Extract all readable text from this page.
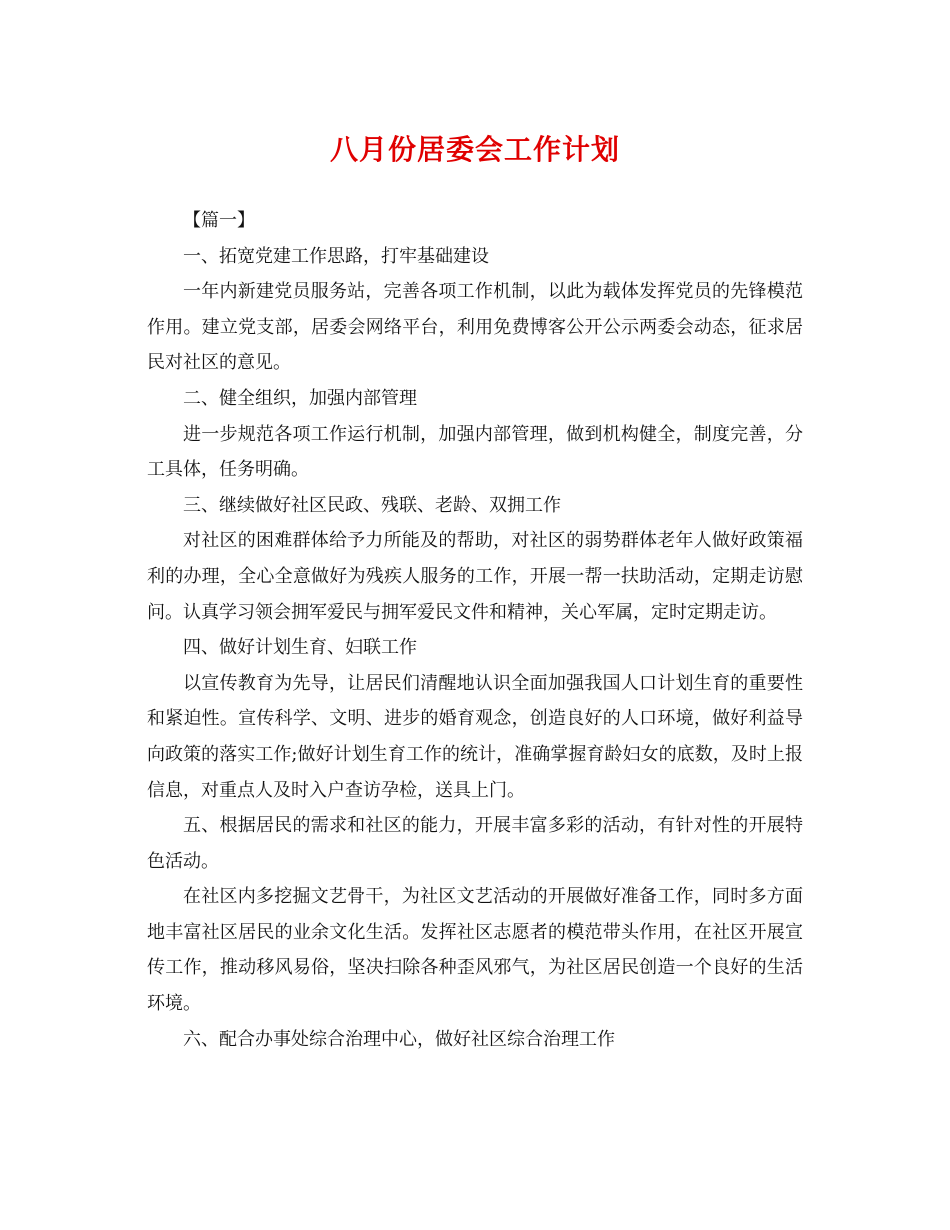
八月份居委会工作计划

【篇一】

一、拓宽党建工作思路，打牢基础建设

一年内新建党员服务站，完善各项工作机制，以此为载体发挥党员的先锋模范作用。建立党支部，居委会网络平台，利用免费博客公开公示两委会动态，征求居民对社区的意见。

二、健全组织，加强内部管理

进一步规范各项工作运行机制，加强内部管理，做到机构健全，制度完善，分工具体，任务明确。

三、继续做好社区民政、残联、老龄、双拥工作

对社区的困难群体给予力所能及的帮助，对社区的弱势群体老年人做好政策福利的办理，全心全意做好为残疾人服务的工作，开展一帮一扶助活动，定期走访慰问。认真学习领会拥军爱民与拥军爱民文件和精神，关心军属，定时定期走访。

四、做好计划生育、妇联工作

以宣传教育为先导，让居民们清醒地认识全面加强我国人口计划生育的重要性和紧迫性。宣传科学、文明、进步的婚育观念，创造良好的人口环境，做好利益导向政策的落实工作;做好计划生育工作的统计，准确掌握育龄妇女的底数，及时上报信息，对重点人及时入户查访孕检，送具上门。

五、根据居民的需求和社区的能力，开展丰富多彩的活动，有针对性的开展特色活动。

在社区内多挖掘文艺骨干，为社区文艺活动的开展做好准备工作，同时多方面地丰富社区居民的业余文化生活。发挥社区志愿者的模范带头作用，在社区开展宣传工作，推动移风易俗，坚决扫除各种歪风邪气，为社区居民创造一个良好的生活环境。

六、配合办事处综合治理中心，做好社区综合治理工作
